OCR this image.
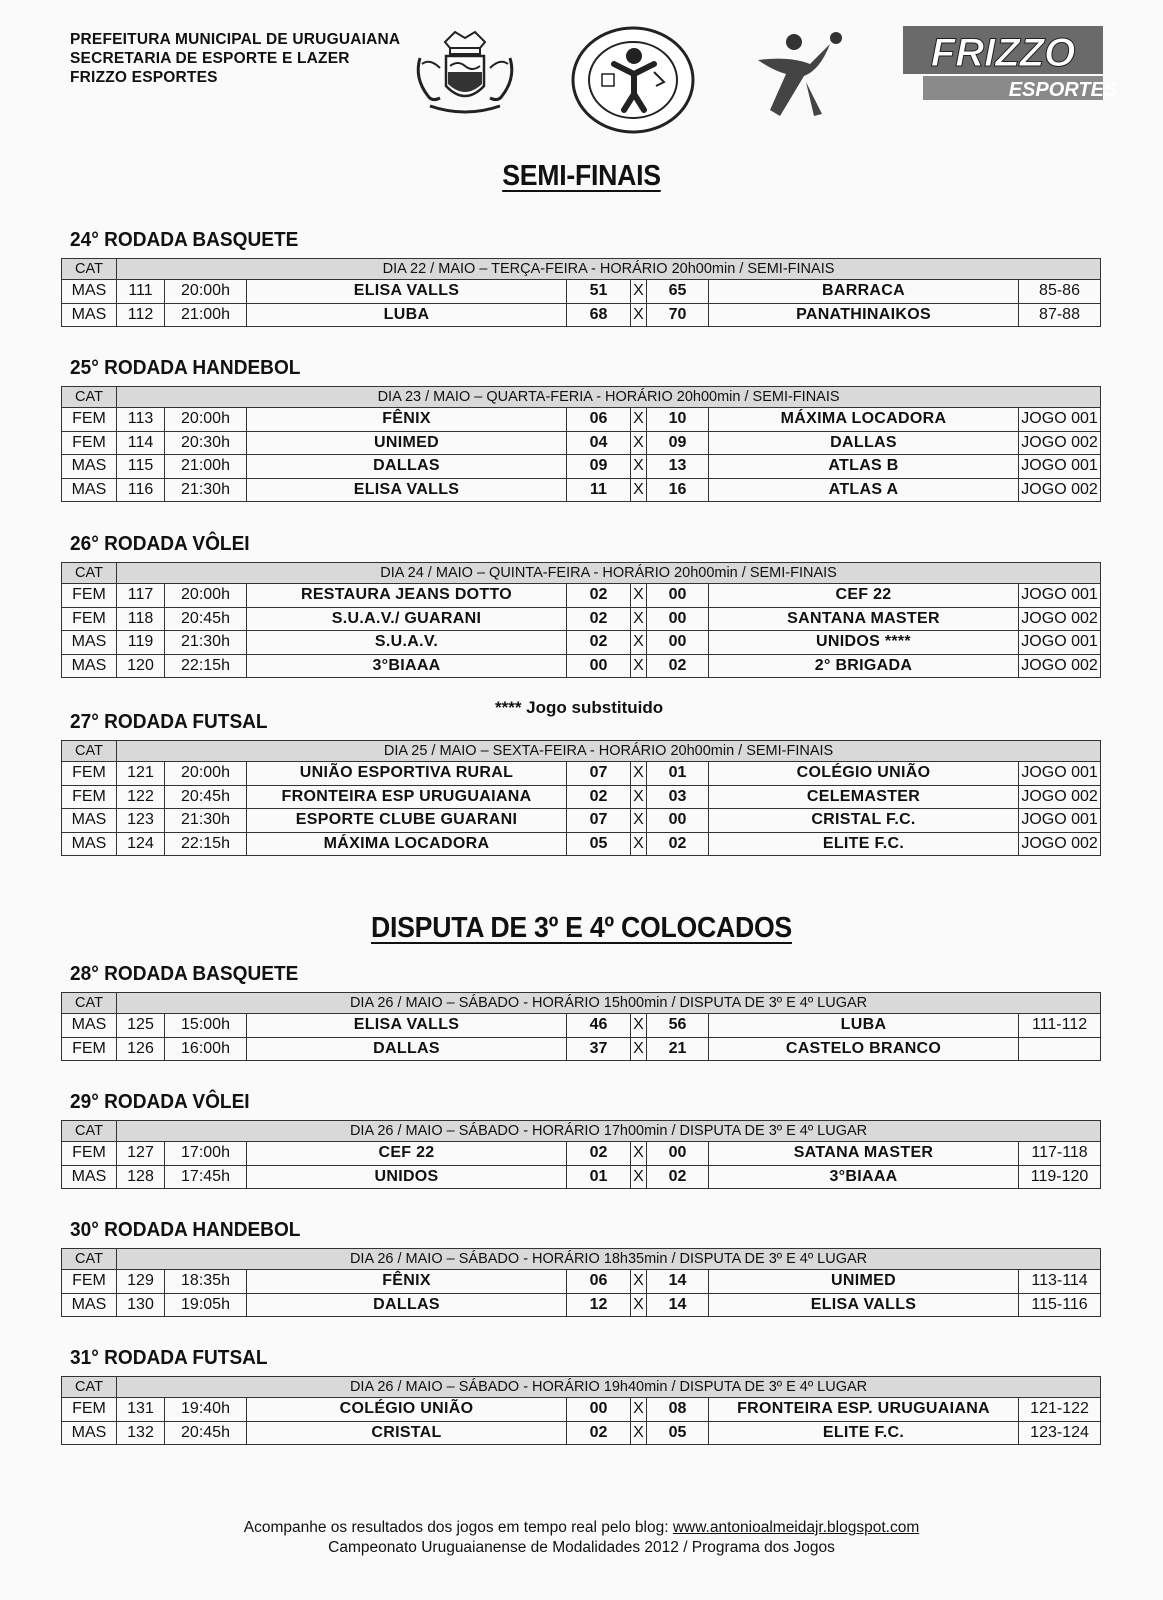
PREFEITURA MUNICIPAL DE URUGUAIANA
SECRETARIA DE ESPORTE E LAZER
FRIZZO ESPORTES
FRIZZO
ESPORTES
SEMI-FINAIS
DISPUTA DE 3º E 4º COLOCADOS
24° RODADA BASQUETE
CAT	DIA 22 / MAIO – TERÇA-FEIRA - HORÁRIO 20h00min / SEMI-FINAIS							
MAS	111	20:00h	ELISA VALLS	51	X	65	BARRACA	85-86
MAS	112	21:00h	LUBA	68	X	70	PANATHINAIKOS	87-88
25° RODADA HANDEBOL
CAT	DIA 23 / MAIO – QUARTA-FERIA - HORÁRIO 20h00min / SEMI-FINAIS							
FEM	113	20:00h	FÊNIX	06	X	10	MÁXIMA LOCADORA	JOGO 001
FEM	114	20:30h	UNIMED	04	X	09	DALLAS	JOGO 002
MAS	115	21:00h	DALLAS	09	X	13	ATLAS B	JOGO 001
MAS	116	21:30h	ELISA VALLS	11	X	16	ATLAS A	JOGO 002
26° RODADA VÔLEI
CAT	DIA 24 / MAIO – QUINTA-FEIRA - HORÁRIO 20h00min / SEMI-FINAIS							
FEM	117	20:00h	RESTAURA JEANS DOTTO	02	X	00	CEF 22	JOGO 001
FEM	118	20:45h	S.U.A.V./ GUARANI	02	X	00	SANTANA MASTER	JOGO 002
MAS	119	21:30h	S.U.A.V.	02	X	00	UNIDOS ****	JOGO 001
MAS	120	22:15h	3°BIAAA	00	X	02	2° BRIGADA	JOGO 002
27° RODADA FUTSAL
CAT	DIA 25 / MAIO – SEXTA-FEIRA - HORÁRIO 20h00min / SEMI-FINAIS							
FEM	121	20:00h	UNIÃO ESPORTIVA RURAL	07	X	01	COLÉGIO UNIÃO	JOGO 001
FEM	122	20:45h	FRONTEIRA ESP URUGUAIANA	02	X	03	CELEMASTER	JOGO 002
MAS	123	21:30h	ESPORTE CLUBE GUARANI	07	X	00	CRISTAL F.C.	JOGO 001
MAS	124	22:15h	MÁXIMA LOCADORA	05	X	02	ELITE F.C.	JOGO 002
28° RODADA BASQUETE
CAT	DIA 26 / MAIO – SÁBADO - HORÁRIO 15h00min / DISPUTA DE 3º E 4º LUGAR							
MAS	125	15:00h	ELISA VALLS	46	X	56	LUBA	111-112
FEM	126	16:00h	DALLAS	37	X	21	CASTELO BRANCO	
29° RODADA VÔLEI
CAT	DIA 26 / MAIO – SÁBADO - HORÁRIO 17h00min / DISPUTA DE 3º E 4º LUGAR							
FEM	127	17:00h	CEF 22	02	X	00	SATANA MASTER	117-118
MAS	128	17:45h	UNIDOS	01	X	02	3°BIAAA	119-120
30° RODADA HANDEBOL
CAT	DIA 26 / MAIO – SÁBADO - HORÁRIO 18h35min / DISPUTA DE 3º E 4º LUGAR							
FEM	129	18:35h	FÊNIX	06	X	14	UNIMED	113-114
MAS	130	19:05h	DALLAS	12	X	14	ELISA VALLS	115-116
31° RODADA FUTSAL
CAT	DIA 26 / MAIO – SÁBADO - HORÁRIO 19h40min / DISPUTA DE 3º E 4º LUGAR							
FEM	131	19:40h	COLÉGIO UNIÃO	00	X	08	FRONTEIRA ESP. URUGUAIANA	121-122
MAS	132	20:45h	CRISTAL	02	X	05	ELITE F.C.	123-124
**** Jogo substituido
Acompanhe os resultados dos jogos em tempo real pelo blog: www.antonioalmeidajr.blogspot.com
Campeonato Uruguaianense de Modalidades 2012 / Programa dos Jogos
